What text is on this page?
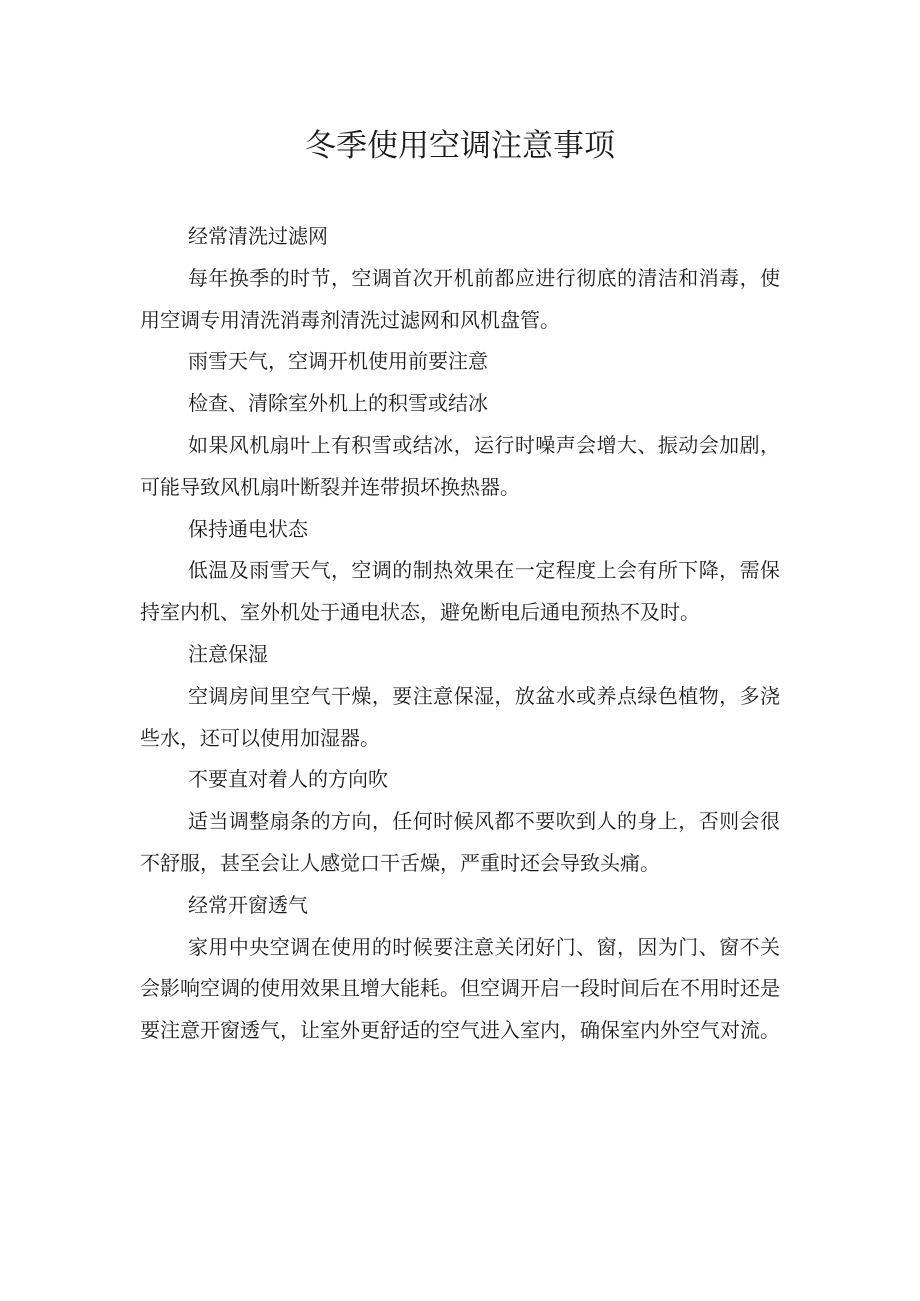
冬季使用空调注意事项

经常清洗过滤网

每年换季的时节，空调首次开机前都应进行彻底的清洁和消毒，使用空调专用清洗消毒剂清洗过滤网和风机盘管。

雨雪天气，空调开机使用前要注意

检查、清除室外机上的积雪或结冰

如果风机扇叶上有积雪或结冰，运行时噪声会增大、振动会加剧，可能导致风机扇叶断裂并连带损坏换热器。

保持通电状态

低温及雨雪天气，空调的制热效果在一定程度上会有所下降，需保持室内机、室外机处于通电状态，避免断电后通电预热不及时。

注意保湿

空调房间里空气干燥，要注意保湿，放盆水或养点绿色植物，多浇些水，还可以使用加湿器。

不要直对着人的方向吹

适当调整扇条的方向，任何时候风都不要吹到人的身上，否则会很不舒服，甚至会让人感觉口干舌燥，严重时还会导致头痛。

经常开窗透气

家用中央空调在使用的时候要注意关闭好门、窗，因为门、窗不关会影响空调的使用效果且增大能耗。但空调开启一段时间后在不用时还是要注意开窗透气，让室外更舒适的空气进入室内，确保室内外空气对流。
